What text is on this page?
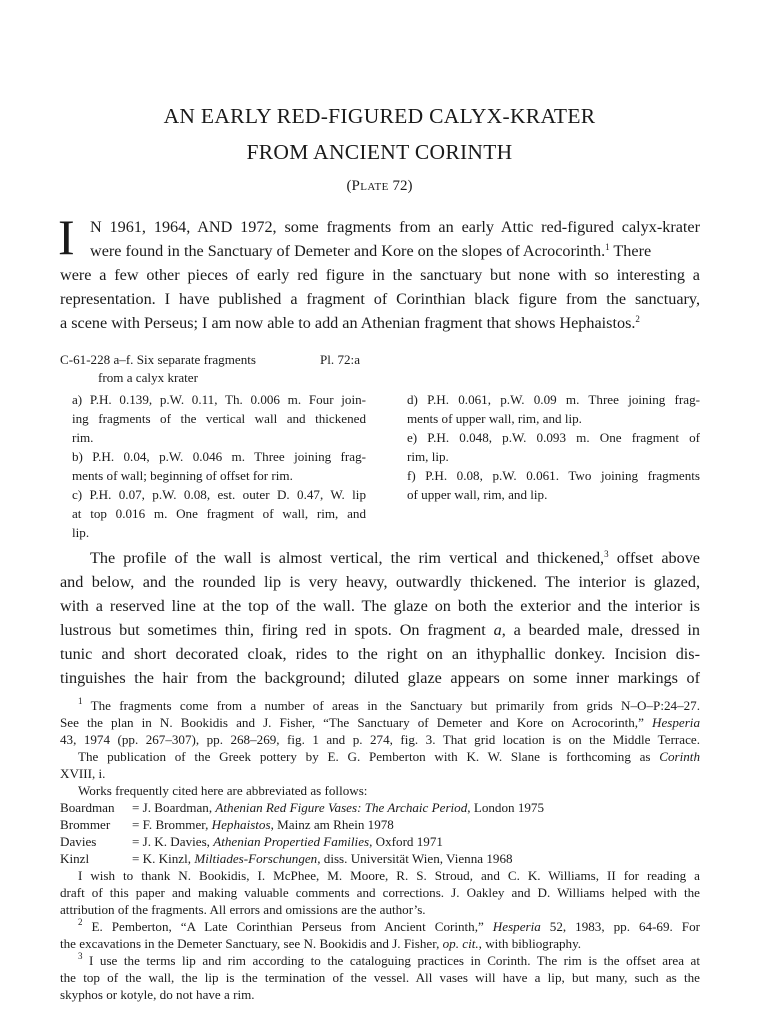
AN EARLY RED-FIGURED CALYX-KRATER
FROM ANCIENT CORINTH
(Plate 72)
I N 1961, 1964, AND 1972, some fragments from an early Attic red-figured calyx-krater
were found in the Sanctuary of Demeter and Kore on the slopes of Acrocorinth.$^1$ There
were a few other pieces of early red figure in the sanctuary but none with so interesting a
representation. I have published a fragment of Corinthian black figure from the sanctuary,
a scene with Perseus; I am now able to add an Athenian fragment that shows Hephaistos.$^2$
C-61-228 a–f. Six separate fragments	Pl. 72:a
from a calyx krater
a) P.H. 0.139, p.W. 0.11, Th. 0.006 m. Four join-
ing fragments of the vertical wall and thickened
rim.
b) P.H. 0.04, p.W. 0.046 m. Three joining frag-
ments of wall; beginning of offset for rim.
c) P.H. 0.07, p.W. 0.08, est. outer D. 0.47, W. lip
at top 0.016 m. One fragment of wall, rim, and
lip.
d) P.H. 0.061, p.W. 0.09 m. Three joining frag-
ments of upper wall, rim, and lip.
e) P.H. 0.048, p.W. 0.093 m. One fragment of
rim, lip.
f) P.H. 0.08, p.W. 0.061. Two joining fragments
of upper wall, rim, and lip.
The profile of the wall is almost vertical, the rim vertical and thickened,$^3$ offset above
and below, and the rounded lip is very heavy, outwardly thickened. The interior is glazed,
with a reserved line at the top of the wall. The glaze on both the exterior and the interior is
lustrous but sometimes thin, firing red in spots. On fragment a, a bearded male, dressed in
tunic and short decorated cloak, rides to the right on an ithyphallic donkey. Incision dis-
tinguishes the hair from the background; diluted glaze appears on some inner markings of
$^1$ The fragments come from a number of areas in the Sanctuary but primarily from grids N–O–P:24–27.
See the plan in N. Bookidis and J. Fisher, “The Sanctuary of Demeter and Kore on Acrocorinth,” Hesperia
43, 1974 (pp. 267–307), pp. 268–269, fig. 1 and p. 274, fig. 3. That grid location is on the Middle Terrace.
The publication of the Greek pottery by E. G. Pemberton with K. W. Slane is forthcoming as Corinth
XVIII, i.
Works frequently cited here are abbreviated as follows:
Boardman = J. Boardman, Athenian Red Figure Vases: The Archaic Period, London 1975
Brommer = F. Brommer, Hephaistos, Mainz am Rhein 1978
Davies	= J. K. Davies, Athenian Propertied Families, Oxford 1971
Kinzl	= K. Kinzl, Miltiades-Forschungen, diss. Universität Wien, Vienna 1968
I wish to thank N. Bookidis, I. McPhee, M. Moore, R. S. Stroud, and C. K. Williams, II for reading a
draft of this paper and making valuable comments and corrections. J. Oakley and D. Williams helped with the
attribution of the fragments. All errors and omissions are the author’s.
$^2$ E. Pemberton, “A Late Corinthian Perseus from Ancient Corinth,” Hesperia 52, 1983, pp. 64-69. For
the excavations in the Demeter Sanctuary, see N. Bookidis and J. Fisher, op. cit., with bibliography.
$^3$ I use the terms lip and rim according to the cataloguing practices in Corinth. The rim is the offset area at
the top of the wall, the lip is the termination of the vessel. All vases will have a lip, but many, such as the
skyphos or kotyle, do not have a rim.
